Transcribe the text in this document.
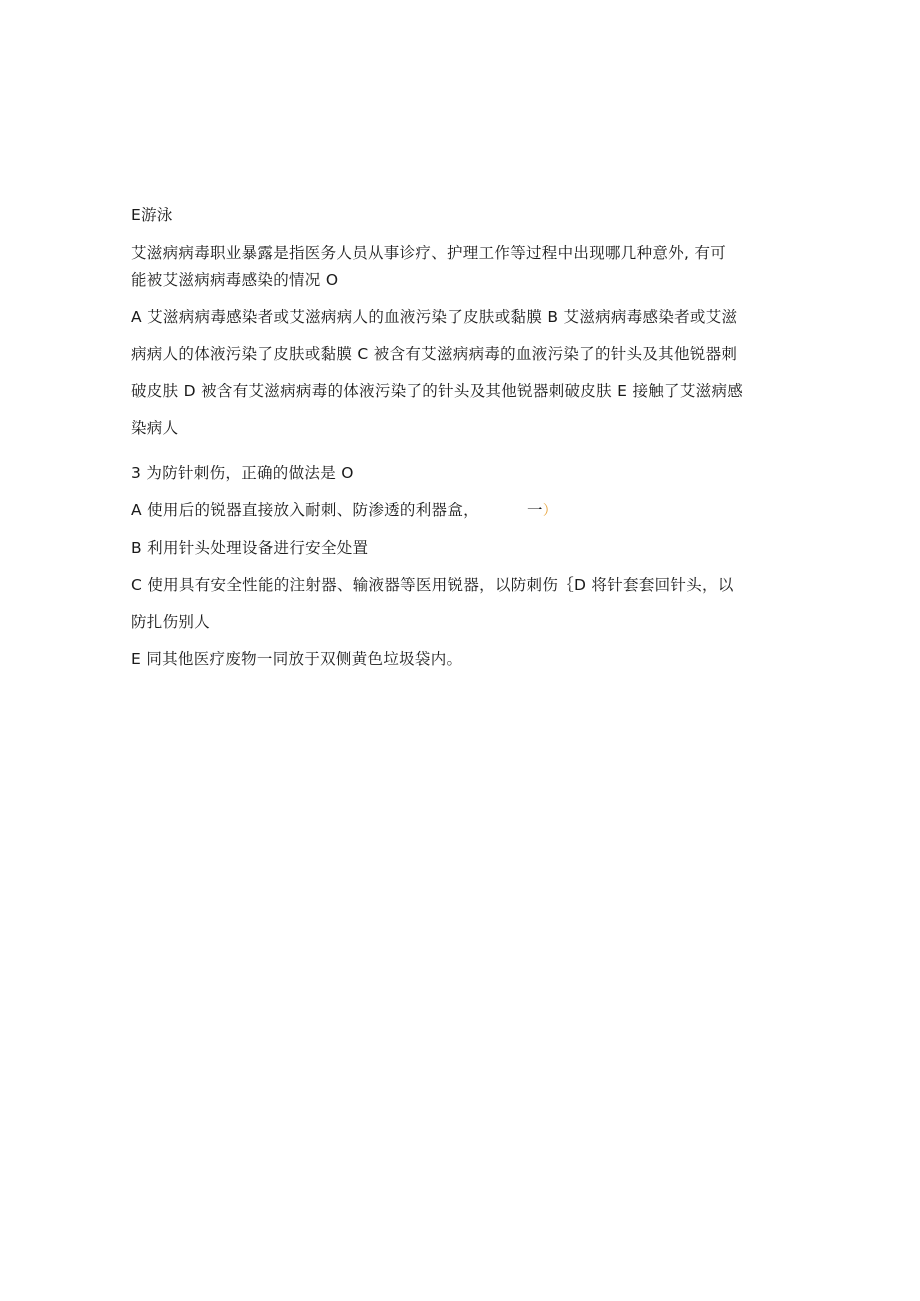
E游泳

艾滋病病毒职业暴露是指医务人员从事诊疗、护理工作等过程中出现哪几种意外, 有可

能被艾滋病病毒感染的情况 O

A 艾滋病病毒感染者或艾滋病病人的血液污染了皮肤或黏膜 B 艾滋病病毒感染者或艾滋

病病人的体液污染了皮肤或黏膜 C 被含有艾滋病病毒的血液污染了的针头及其他锐器刺

破皮肤 D 被含有艾滋病病毒的体液污染了的针头及其他锐器刺破皮肤 E 接触了艾滋病感

染病人

3 为防针刺伤，正确的做法是 O

A 使用后的锐器直接放入耐刺、防渗透的利器盒，	一）

B 利用针头处理设备进行安全处置

C 使用具有安全性能的注射器、输液器等医用锐器，以防刺伤｛D 将针套套回针头，以

防扎伤别人

E 同其他医疗废物一同放于双侧黄色垃圾袋内。
